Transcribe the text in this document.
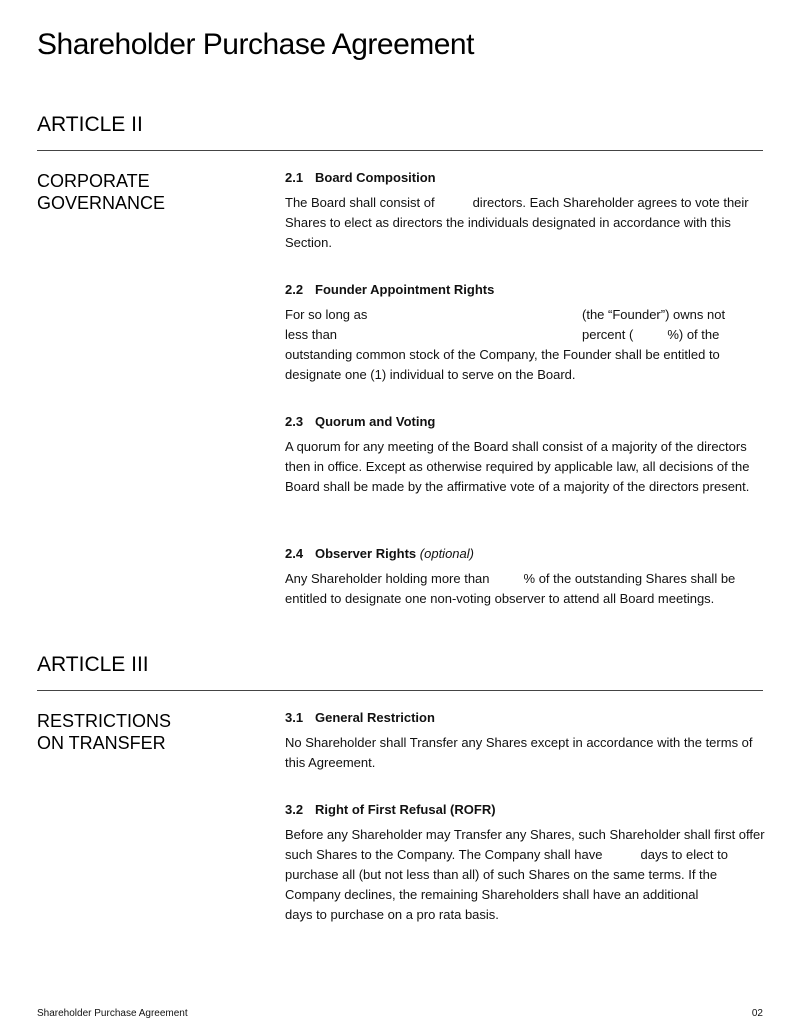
Shareholder Purchase Agreement
ARTICLE II
CORPORATE
GOVERNANCE
2.1 Board Composition

The Board shall consist of	directors. Each Shareholder agrees to vote their Shares to elect as directors the individuals designated in accordance with this Section.

2.2 Founder Appointment Rights
For so long as	(the “Founder”) owns not
less than	percent (	%) of the
outstanding common stock of the Company, the Founder shall be entitled to designate one (1) individual to serve on the Board.
2.3 Quorum and Voting

A quorum for any meeting of the Board shall consist of a majority of the directors then in office. Except as otherwise required by applicable law, all decisions of the Board shall be made by the affirmative vote of a majority of the directors present.

2.4 Observer Rights (optional)

Any Shareholder holding more than	% of the outstanding Shares shall be entitled to designate one non-voting observer to attend all Board meetings.

ARTICLE III
RESTRICTIONS
ON TRANSFER
3.1 General Restriction

No Shareholder shall Transfer any Shares except in accordance with the terms of this Agreement.

3.2 Right of First Refusal (ROFR)

Before any Shareholder may Transfer any Shares, such Shareholder shall first offer such Shares to the Company. The Company shall have	days to elect to purchase all (but not less than all) of such Shares on the same terms. If the Company declines, the remaining Shareholders shall have an additional
days to purchase on a pro rata basis.

Shareholder Purchase Agreement	02
